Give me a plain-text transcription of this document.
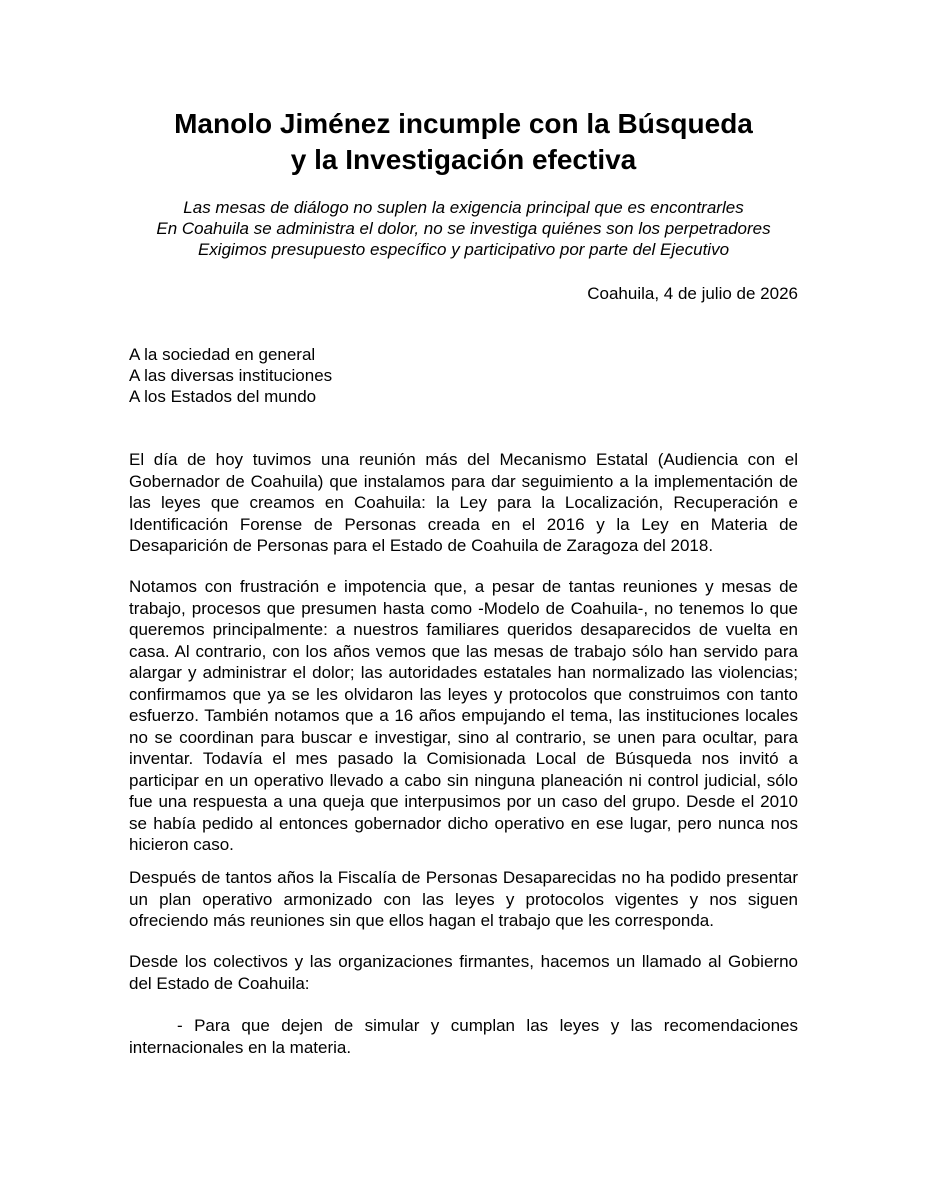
Manolo Jiménez incumple con la Búsqueda
y la Investigación efectiva
Las mesas de diálogo no suplen la exigencia principal que es encontrarles
En Coahuila se administra el dolor, no se investiga quiénes son los perpetradores
Exigimos presupuesto específico y participativo por parte del Ejecutivo
Coahuila, 4 de julio de 2026
A la sociedad en general
A las diversas instituciones
A los Estados del mundo

El día de hoy tuvimos una reunión más del Mecanismo Estatal (Audiencia con el Gobernador de Coahuila) que instalamos para dar seguimiento a la implementación de las leyes que creamos en Coahuila: la Ley para la Localización, Recuperación e Identificación Forense de Personas creada en el 2016 y la Ley en Materia de Desaparición de Personas para el Estado de Coahuila de Zaragoza del 2018.

Notamos con frustración e impotencia que, a pesar de tantas reuniones y mesas de trabajo, procesos que presumen hasta como -Modelo de Coahuila-, no tenemos lo que queremos principalmente: a nuestros familiares queridos desaparecidos de vuelta en casa. Al contrario, con los años vemos que las mesas de trabajo sólo han servido para alargar y administrar el dolor; las autoridades estatales han normalizado las violencias; confirmamos que ya se les olvidaron las leyes y protocolos que construimos con tanto esfuerzo. También notamos que a 16 años empujando el tema, las instituciones locales no se coordinan para buscar e investigar, sino al contrario, se unen para ocultar, para inventar. Todavía el mes pasado la Comisionada Local de Búsqueda nos invitó a participar en un operativo llevado a cabo sin ninguna planeación ni control judicial, sólo fue una respuesta a una queja que interpusimos por un caso del grupo. Desde el 2010 se había pedido al entonces gobernador dicho operativo en ese lugar, pero nunca nos hicieron caso.

Después de tantos años la Fiscalía de Personas Desaparecidas no ha podido presentar un plan operativo armonizado con las leyes y protocolos vigentes y nos siguen ofreciendo más reuniones sin que ellos hagan el trabajo que les corresponda.

Desde los colectivos y las organizaciones firmantes, hacemos un llamado al Gobierno del Estado de Coahuila:

- Para que dejen de simular y cumplan las leyes y las recomendaciones internacionales en la materia.
